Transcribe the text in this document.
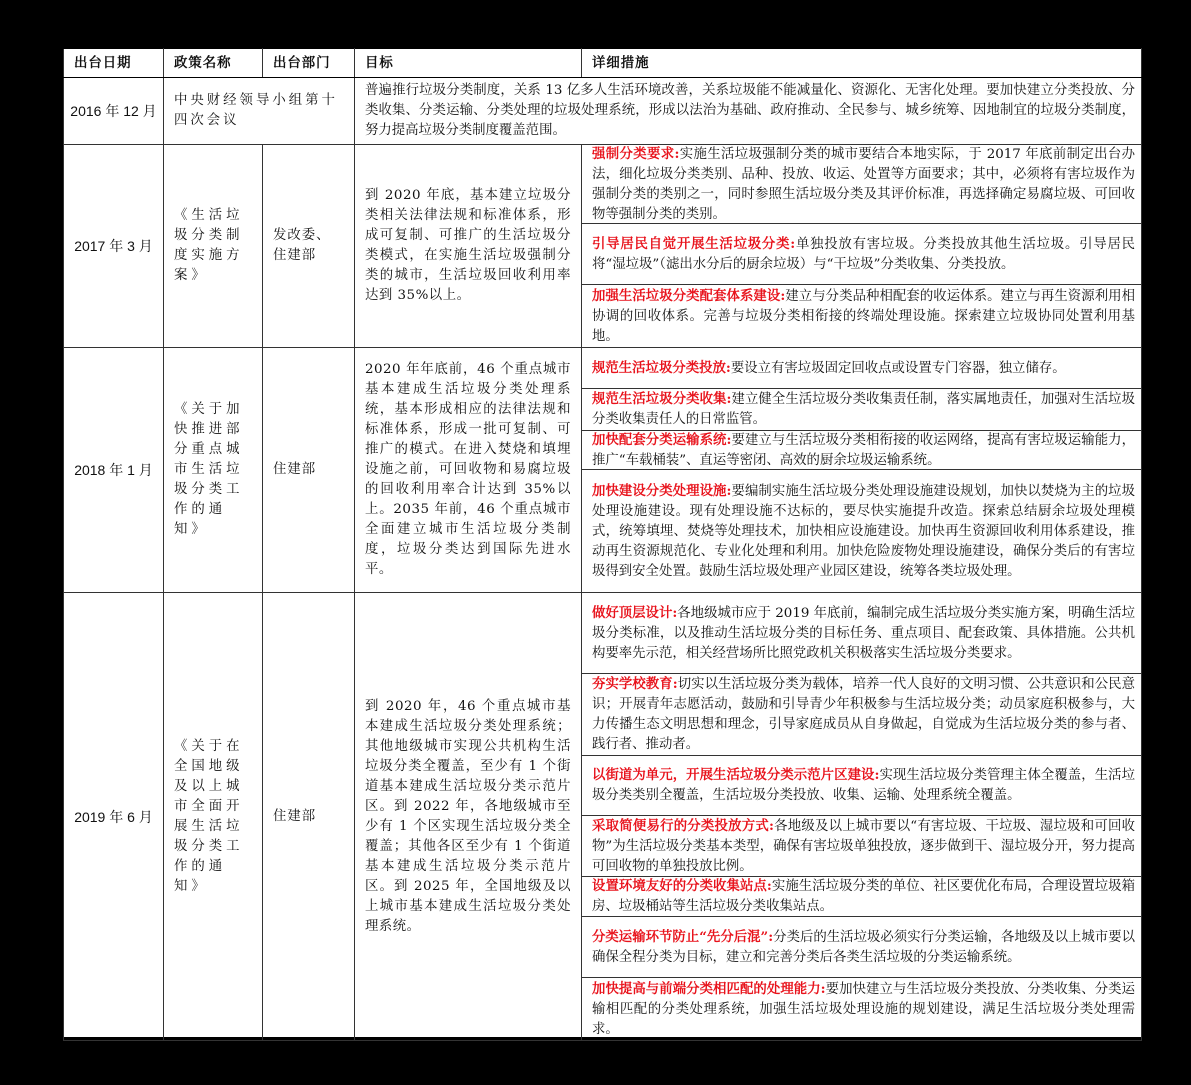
出台日期	政策名称	出台部门	目标	详细措施
2016 年 12 月	中央财经领导小组第十四次会议		普遍推行垃圾分类制度，关系 13 亿多人生活环境改善，关系垃圾能不能减量化、资源化、无害化处理。要加快建立分类投放、分类收集、分类运输、分类处理的垃圾处理系统，形成以法治为基础、政府推动、全民参与、城乡统筹、因地制宜的垃圾分类制度，努力提高垃圾分类制度覆盖范围。	
2017 年 3 月	《生活垃圾分类制度实施方案》	发改委、住建部	到 2020 年底，基本建立垃圾分类相关法律法规和标准体系，形成可复制、可推广的生活垃圾分类模式，在实施生活垃圾强制分类的城市，生活垃圾回收利用率达到 35%以上。	强制分类要求:实施生活垃圾强制分类的城市要结合本地实际，于 2017 年底前制定出台办法，细化垃圾分类类别、品种、投放、收运、处置等方面要求；其中，必须将有害垃圾作为强制分类的类别之一，同时参照生活垃圾分类及其评价标准，再选择确定易腐垃圾、可回收物等强制分类的类别。
引导居民自觉开展生活垃圾分类:单独投放有害垃圾。分类投放其他生活垃圾。引导居民将“湿垃圾”（滤出水分后的厨余垃圾）与“干垃圾”分类收集、分类投放。
加强生活垃圾分类配套体系建设:建立与分类品种相配套的收运体系。建立与再生资源利用相协调的回收体系。完善与垃圾分类相衔接的终端处理设施。探索建立垃圾协同处置利用基地。

2018 年 1 月	《关于加快推进部分重点城市生活垃圾分类工作的通知》	住建部	2020 年年底前，46 个重点城市基本建成生活垃圾分类处理系统，基本形成相应的法律法规和标准体系，形成一批可复制、可推广的模式。在进入焚烧和填埋设施之前，可回收物和易腐垃圾的回收利用率合计达到 35%以上。2035 年前，46 个重点城市全面建立城市生活垃圾分类制度，垃圾分类达到国际先进水平。	规范生活垃圾分类投放:要设立有害垃圾固定回收点或设置专门容器，独立储存。
规范生活垃圾分类收集:建立健全生活垃圾分类收集责任制，落实属地责任，加强对生活垃圾分类收集责任人的日常监管。
加快配套分类运输系统:要建立与生活垃圾分类相衔接的收运网络，提高有害垃圾运输能力，推广“车载桶装”、直运等密闭、高效的厨余垃圾运输系统。
加快建设分类处理设施:要编制实施生活垃圾分类处理设施建设规划，加快以焚烧为主的垃圾处理设施建设。现有处理设施不达标的，要尽快实施提升改造。探索总结厨余垃圾处理模式，统筹填埋、焚烧等处理技术，加快相应设施建设。加快再生资源回收利用体系建设，推动再生资源规范化、专业化处理和利用。加快危险废物处理设施建设，确保分类后的有害垃圾得到安全处置。鼓励生活垃圾处理产业园区建设，统筹各类垃圾处理。

2019 年 6 月	《关于在全国地级及以上城市全面开展生活垃圾分类工作的通知》	住建部	到 2020 年，46 个重点城市基本建成生活垃圾分类处理系统；其他地级城市实现公共机构生活垃圾分类全覆盖，至少有 1 个街道基本建成生活垃圾分类示范片区。到 2022 年，各地级城市至少有 1 个区实现生活垃圾分类全覆盖；其他各区至少有 1 个街道基本建成生活垃圾分类示范片区。到 2025 年，全国地级及以上城市基本建成生活垃圾分类处理系统。	
做好顶层设计:各地级城市应于 2019 年底前，编制完成生活垃圾分类实施方案，明确生活垃圾分类标准，以及推动生活垃圾分类的目标任务、重点项目、配套政策、具体措施。公共机构要率先示范，相关经营场所比照党政机关积极落实生活垃圾分类要求。
夯实学校教育:切实以生活垃圾分类为载体，培养一代人良好的文明习惯、公共意识和公民意识；开展青年志愿活动，鼓励和引导青少年积极参与生活垃圾分类；动员家庭积极参与，大力传播生态文明思想和理念，引导家庭成员从自身做起，自觉成为生活垃圾分类的参与者、践行者、推动者。
以街道为单元，开展生活垃圾分类示范片区建设:实现生活垃圾分类管理主体全覆盖，生活垃圾分类类别全覆盖，生活垃圾分类投放、收集、运输、处理系统全覆盖。
采取简便易行的分类投放方式:各地级及以上城市要以“有害垃圾、干垃圾、湿垃圾和可回收物”为生活垃圾分类基本类型，确保有害垃圾单独投放，逐步做到干、湿垃圾分开，努力提高可回收物的单独投放比例。
设置环境友好的分类收集站点:实施生活垃圾分类的单位、社区要优化布局，合理设置垃圾箱房、垃圾桶站等生活垃圾分类收集站点。
分类运输环节防止“先分后混”:分类后的生活垃圾必须实行分类运输，各地级及以上城市要以确保全程分类为目标，建立和完善分类后各类生活垃圾的分类运输系统。
加快提高与前端分类相匹配的处理能力:要加快建立与生活垃圾分类投放、分类收集、分类运输相匹配的分类处理系统，加强生活垃圾处理设施的规划建设，满足生活垃圾分类处理需求。
